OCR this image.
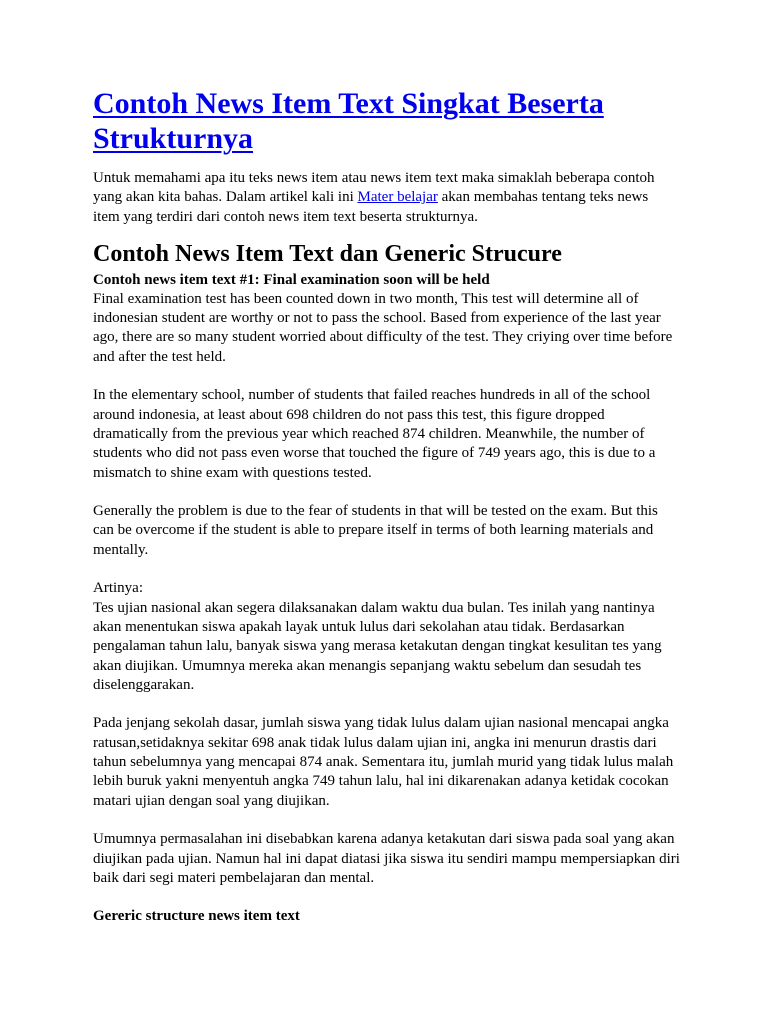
Contoh News Item Text Singkat Beserta Strukturnya

Untuk memahami apa itu teks news item atau news item text maka simaklah beberapa contoh yang akan kita bahas. Dalam artikel kali ini Mater belajar akan membahas tentang teks news item yang terdiri dari contoh news item text beserta strukturnya.

Contoh News Item Text dan Generic Strucure
Contoh news item text #1: Final examination soon will be held

Final examination test has been counted down in two month, This test will determine all of indonesian student are worthy or not to pass the school. Based from experience of the last year ago, there are so many student worried about difficulty of the test. They criying over time before and after the test held.

In the elementary school, number of students that failed reaches hundreds in all of the school around indonesia, at least about 698 children do not pass this test, this figure dropped dramatically from the previous year which reached 874 children. Meanwhile, the number of students who did not pass even worse that touched the figure of 749 years ago, this is due to a mismatch to shine exam with questions tested.

Generally the problem is due to the fear of students in that will be tested on the exam. But this can be overcome if the student is able to prepare itself in terms of both learning materials and mentally.

Artinya:

Tes ujian nasional akan segera dilaksanakan dalam waktu dua bulan. Tes inilah yang nantinya akan menentukan siswa apakah layak untuk lulus dari sekolahan atau tidak. Berdasarkan pengalaman tahun lalu, banyak siswa yang merasa ketakutan dengan tingkat kesulitan tes yang akan diujikan. Umumnya mereka akan menangis sepanjang waktu sebelum dan sesudah tes diselenggarakan.

Pada jenjang sekolah dasar, jumlah siswa yang tidak lulus dalam ujian nasional mencapai angka ratusan,setidaknya sekitar 698 anak tidak lulus dalam ujian ini, angka ini menurun drastis dari tahun sebelumnya yang mencapai 874 anak. Sementara itu, jumlah murid yang tidak lulus malah lebih buruk yakni menyentuh angka 749 tahun lalu, hal ini dikarenakan adanya ketidak cocokan matari ujian dengan soal yang diujikan.

Umumnya permasalahan ini disebabkan karena adanya ketakutan dari siswa pada soal yang akan diujikan pada ujian. Namun hal ini dapat diatasi jika siswa itu sendiri mampu mempersiapkan diri baik dari segi materi pembelajaran dan mental.

Gereric structure news item text
